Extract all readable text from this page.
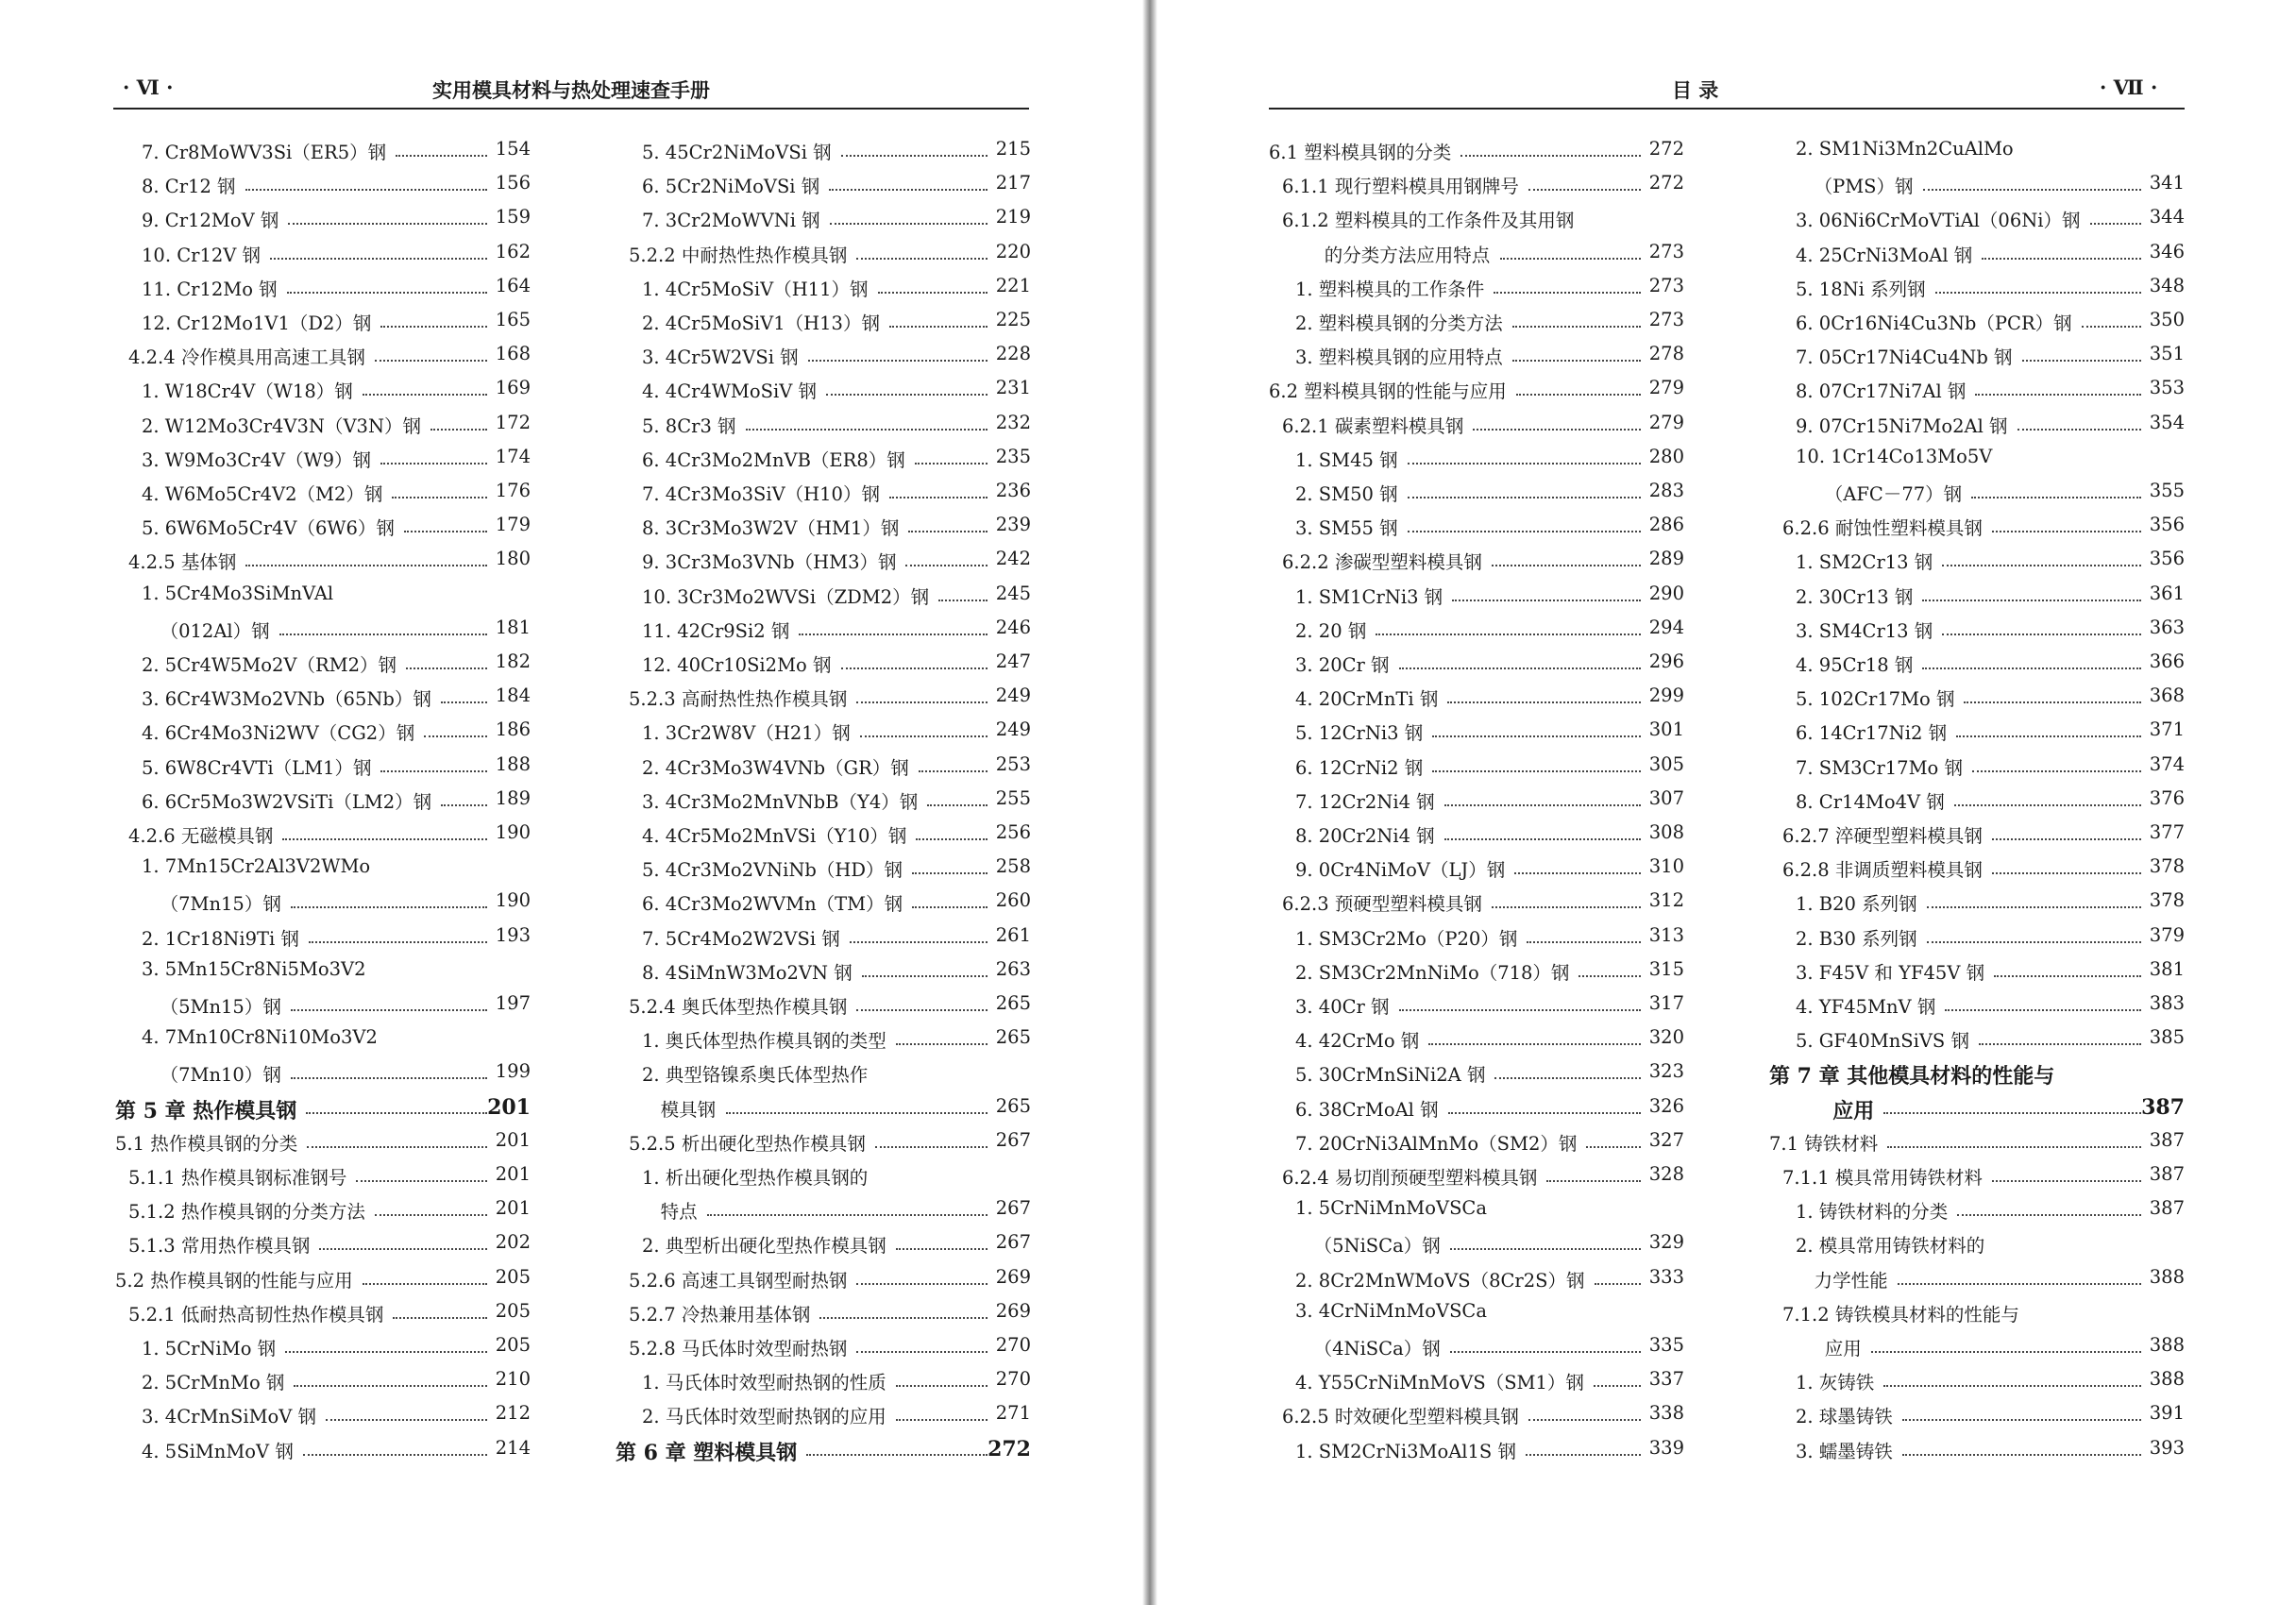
· Ⅵ ·	实用模具材料与热处理速查手册
7. Cr8MoWV3Si（ER5）钢	154
8. Cr12 钢	156
9. Cr12MoV 钢	159
10. Cr12V 钢	162
11. Cr12Mo 钢	164
12. Cr12Mo1V1（D2）钢	165
4.2.4 冷作模具用高速工具钢	168
1. W18Cr4V（W18）钢	169
2. W12Mo3Cr4V3N（V3N）钢	172
3. W9Mo3Cr4V（W9）钢	174
4. W6Mo5Cr4V2（M2）钢	176
5. 6W6Mo5Cr4V（6W6）钢	179
4.2.5 基体钢	180
1. 5Cr4Mo3SiMnVAl
（012Al）钢	181
2. 5Cr4W5Mo2V（RM2）钢	182
3. 6Cr4W3Mo2VNb（65Nb）钢	184
4. 6Cr4Mo3Ni2WV（CG2）钢	186
5. 6W8Cr4VTi（LM1）钢	188
6. 6Cr5Mo3W2VSiTi（LM2）钢	189
4.2.6 无磁模具钢	190
1. 7Mn15Cr2Al3V2WMo
（7Mn15）钢	190
2. 1Cr18Ni9Ti 钢	193
3. 5Mn15Cr8Ni5Mo3V2
（5Mn15）钢	197
4. 7Mn10Cr8Ni10Mo3V2
（7Mn10）钢	199
第 5 章 热作模具钢	201
5.1 热作模具钢的分类	201
5.1.1 热作模具钢标准钢号	201
5.1.2 热作模具钢的分类方法	201
5.1.3 常用热作模具钢	202
5.2 热作模具钢的性能与应用	205
5.2.1 低耐热高韧性热作模具钢	205
1. 5CrNiMo 钢	205
2. 5CrMnMo 钢	210
3. 4CrMnSiMoV 钢	212
4. 5SiMnMoV 钢	214
5. 45Cr2NiMoVSi 钢	215
6. 5Cr2NiMoVSi 钢	217
7. 3Cr2MoWVNi 钢	219
5.2.2 中耐热性热作模具钢	220
1. 4Cr5MoSiV（H11）钢	221
2. 4Cr5MoSiV1（H13）钢	225
3. 4Cr5W2VSi 钢	228
4. 4Cr4WMoSiV 钢	231
5. 8Cr3 钢	232
6. 4Cr3Mo2MnVB（ER8）钢	235
7. 4Cr3Mo3SiV（H10）钢	236
8. 3Cr3Mo3W2V（HM1）钢	239
9. 3Cr3Mo3VNb（HM3）钢	242
10. 3Cr3Mo2WVSi（ZDM2）钢	245
11. 42Cr9Si2 钢	246
12. 40Cr10Si2Mo 钢	247
5.2.3 高耐热性热作模具钢	249
1. 3Cr2W8V（H21）钢	249
2. 4Cr3Mo3W4VNb（GR）钢	253
3. 4Cr3Mo2MnVNbB（Y4）钢	255
4. 4Cr5Mo2MnVSi（Y10）钢	256
5. 4Cr3Mo2VNiNb（HD）钢	258
6. 4Cr3Mo2WVMn（TM）钢	260
7. 5Cr4Mo2W2VSi 钢	261
8. 4SiMnW3Mo2VN 钢	263
5.2.4 奥氏体型热作模具钢	265
1. 奥氏体型热作模具钢的类型	265
2. 典型铬镍系奥氏体型热作
模具钢	265
5.2.5 析出硬化型热作模具钢	267
1. 析出硬化型热作模具钢的
特点	267
2. 典型析出硬化型热作模具钢	267
5.2.6 高速工具钢型耐热钢	269
5.2.7 冷热兼用基体钢	269
5.2.8 马氏体时效型耐热钢	270
1. 马氏体时效型耐热钢的性质	270
2. 马氏体时效型耐热钢的应用	271
第 6 章 塑料模具钢	272
目 录	· Ⅶ ·
6.1 塑料模具钢的分类	272
6.1.1 现行塑料模具用钢牌号	272
6.1.2 塑料模具的工作条件及其用钢
的分类方法应用特点	273
1. 塑料模具的工作条件	273
2. 塑料模具钢的分类方法	273
3. 塑料模具钢的应用特点	278
6.2 塑料模具钢的性能与应用	279
6.2.1 碳素塑料模具钢	279
1. SM45 钢	280
2. SM50 钢	283
3. SM55 钢	286
6.2.2 渗碳型塑料模具钢	289
1. SM1CrNi3 钢	290
2. 20 钢	294
3. 20Cr 钢	296
4. 20CrMnTi 钢	299
5. 12CrNi3 钢	301
6. 12CrNi2 钢	305
7. 12Cr2Ni4 钢	307
8. 20Cr2Ni4 钢	308
9. 0Cr4NiMoV（LJ）钢	310
6.2.3 预硬型塑料模具钢	312
1. SM3Cr2Mo（P20）钢	313
2. SM3Cr2MnNiMo（718）钢	315
3. 40Cr 钢	317
4. 42CrMo 钢	320
5. 30CrMnSiNi2A 钢	323
6. 38CrMoAl 钢	326
7. 20CrNi3AlMnMo（SM2）钢	327
6.2.4 易切削预硬型塑料模具钢	328
1. 5CrNiMnMoVSCa
（5NiSCa）钢	329
2. 8Cr2MnWMoVS（8Cr2S）钢	333
3. 4CrNiMnMoVSCa
（4NiSCa）钢	335
4. Y55CrNiMnMoVS（SM1）钢	337
6.2.5 时效硬化型塑料模具钢	338
1. SM2CrNi3MoAl1S 钢	339
2. SM1Ni3Mn2CuAlMo
（PMS）钢	341
3. 06Ni6CrMoVTiAl（06Ni）钢	344
4. 25CrNi3MoAl 钢	346
5. 18Ni 系列钢	348
6. 0Cr16Ni4Cu3Nb（PCR）钢	350
7. 05Cr17Ni4Cu4Nb 钢	351
8. 07Cr17Ni7Al 钢	353
9. 07Cr15Ni7Mo2Al 钢	354
10. 1Cr14Co13Mo5V
（AFC－77）钢	355
6.2.6 耐蚀性塑料模具钢	356
1. SM2Cr13 钢	356
2. 30Cr13 钢	361
3. SM4Cr13 钢	363
4. 95Cr18 钢	366
5. 102Cr17Mo 钢	368
6. 14Cr17Ni2 钢	371
7. SM3Cr17Mo 钢	374
8. Cr14Mo4V 钢	376
6.2.7 淬硬型塑料模具钢	377
6.2.8 非调质塑料模具钢	378
1. B20 系列钢	378
2. B30 系列钢	379
3. F45V 和 YF45V 钢	381
4. YF45MnV 钢	383
5. GF40MnSiVS 钢	385
第 7 章 其他模具材料的性能与
应用	387
7.1 铸铁材料	387
7.1.1 模具常用铸铁材料	387
1. 铸铁材料的分类	387
2. 模具常用铸铁材料的
力学性能	388
7.1.2 铸铁模具材料的性能与
应用	388
1. 灰铸铁	388
2. 球墨铸铁	391
3. 蠕墨铸铁	393
